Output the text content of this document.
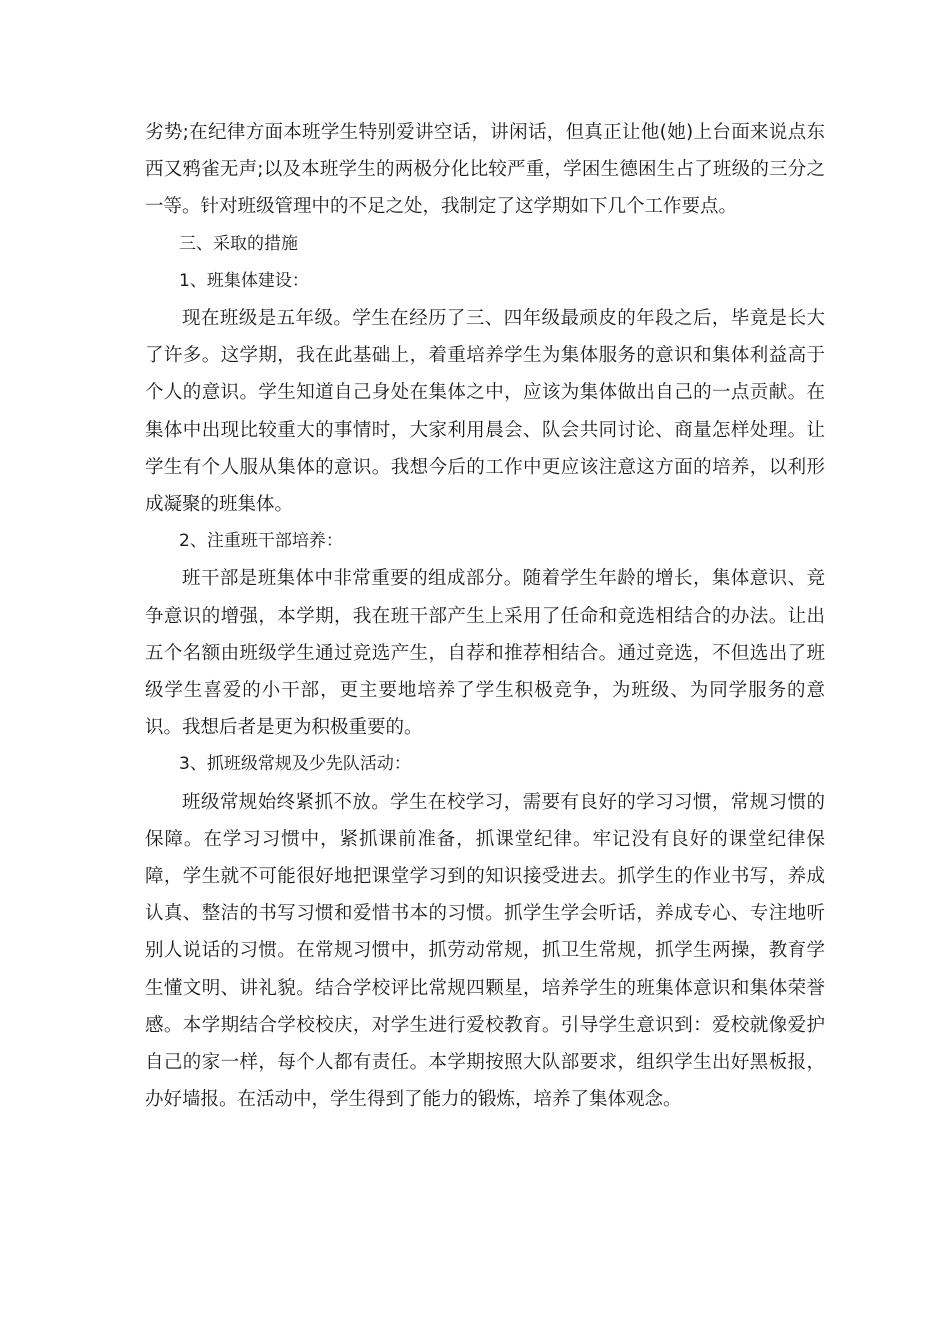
劣势;在纪律方面本班学生特别爱讲空话，讲闲话，但真正让他(她)上台面来说点东西又鸦雀无声;以及本班学生的两极分化比较严重，学困生德困生占了班级的三分之一等。针对班级管理中的不足之处，我制定了这学期如下几个工作要点。

三、采取的措施

1、班集体建设：

现在班级是五年级。学生在经历了三、四年级最顽皮的年段之后，毕竟是长大了许多。这学期，我在此基础上，着重培养学生为集体服务的意识和集体利益高于个人的意识。学生知道自己身处在集体之中，应该为集体做出自己的一点贡献。在集体中出现比较重大的事情时，大家利用晨会、队会共同讨论、商量怎样处理。让学生有个人服从集体的意识。我想今后的工作中更应该注意这方面的培养，以利形成凝聚的班集体。

2、注重班干部培养：

班干部是班集体中非常重要的组成部分。随着学生年龄的增长，集体意识、竞争意识的增强，本学期，我在班干部产生上采用了任命和竞选相结合的办法。让出五个名额由班级学生通过竞选产生，自荐和推荐相结合。通过竞选，不但选出了班级学生喜爱的小干部，更主要地培养了学生积极竞争，为班级、为同学服务的意识。我想后者是更为积极重要的。

3、抓班级常规及少先队活动：

班级常规始终紧抓不放。学生在校学习，需要有良好的学习习惯，常规习惯的保障。在学习习惯中，紧抓课前准备，抓课堂纪律。牢记没有良好的课堂纪律保障，学生就不可能很好地把课堂学习到的知识接受进去。抓学生的作业书写，养成认真、整洁的书写习惯和爱惜书本的习惯。抓学生学会听话，养成专心、专注地听别人说话的习惯。在常规习惯中，抓劳动常规，抓卫生常规，抓学生两操，教育学生懂文明、讲礼貌。结合学校评比常规四颗星，培养学生的班集体意识和集体荣誉感。本学期结合学校校庆，对学生进行爱校教育。引导学生意识到：爱校就像爱护自己的家一样，每个人都有责任。本学期按照大队部要求，组织学生出好黑板报，办好墙报。在活动中，学生得到了能力的锻炼，培养了集体观念。
